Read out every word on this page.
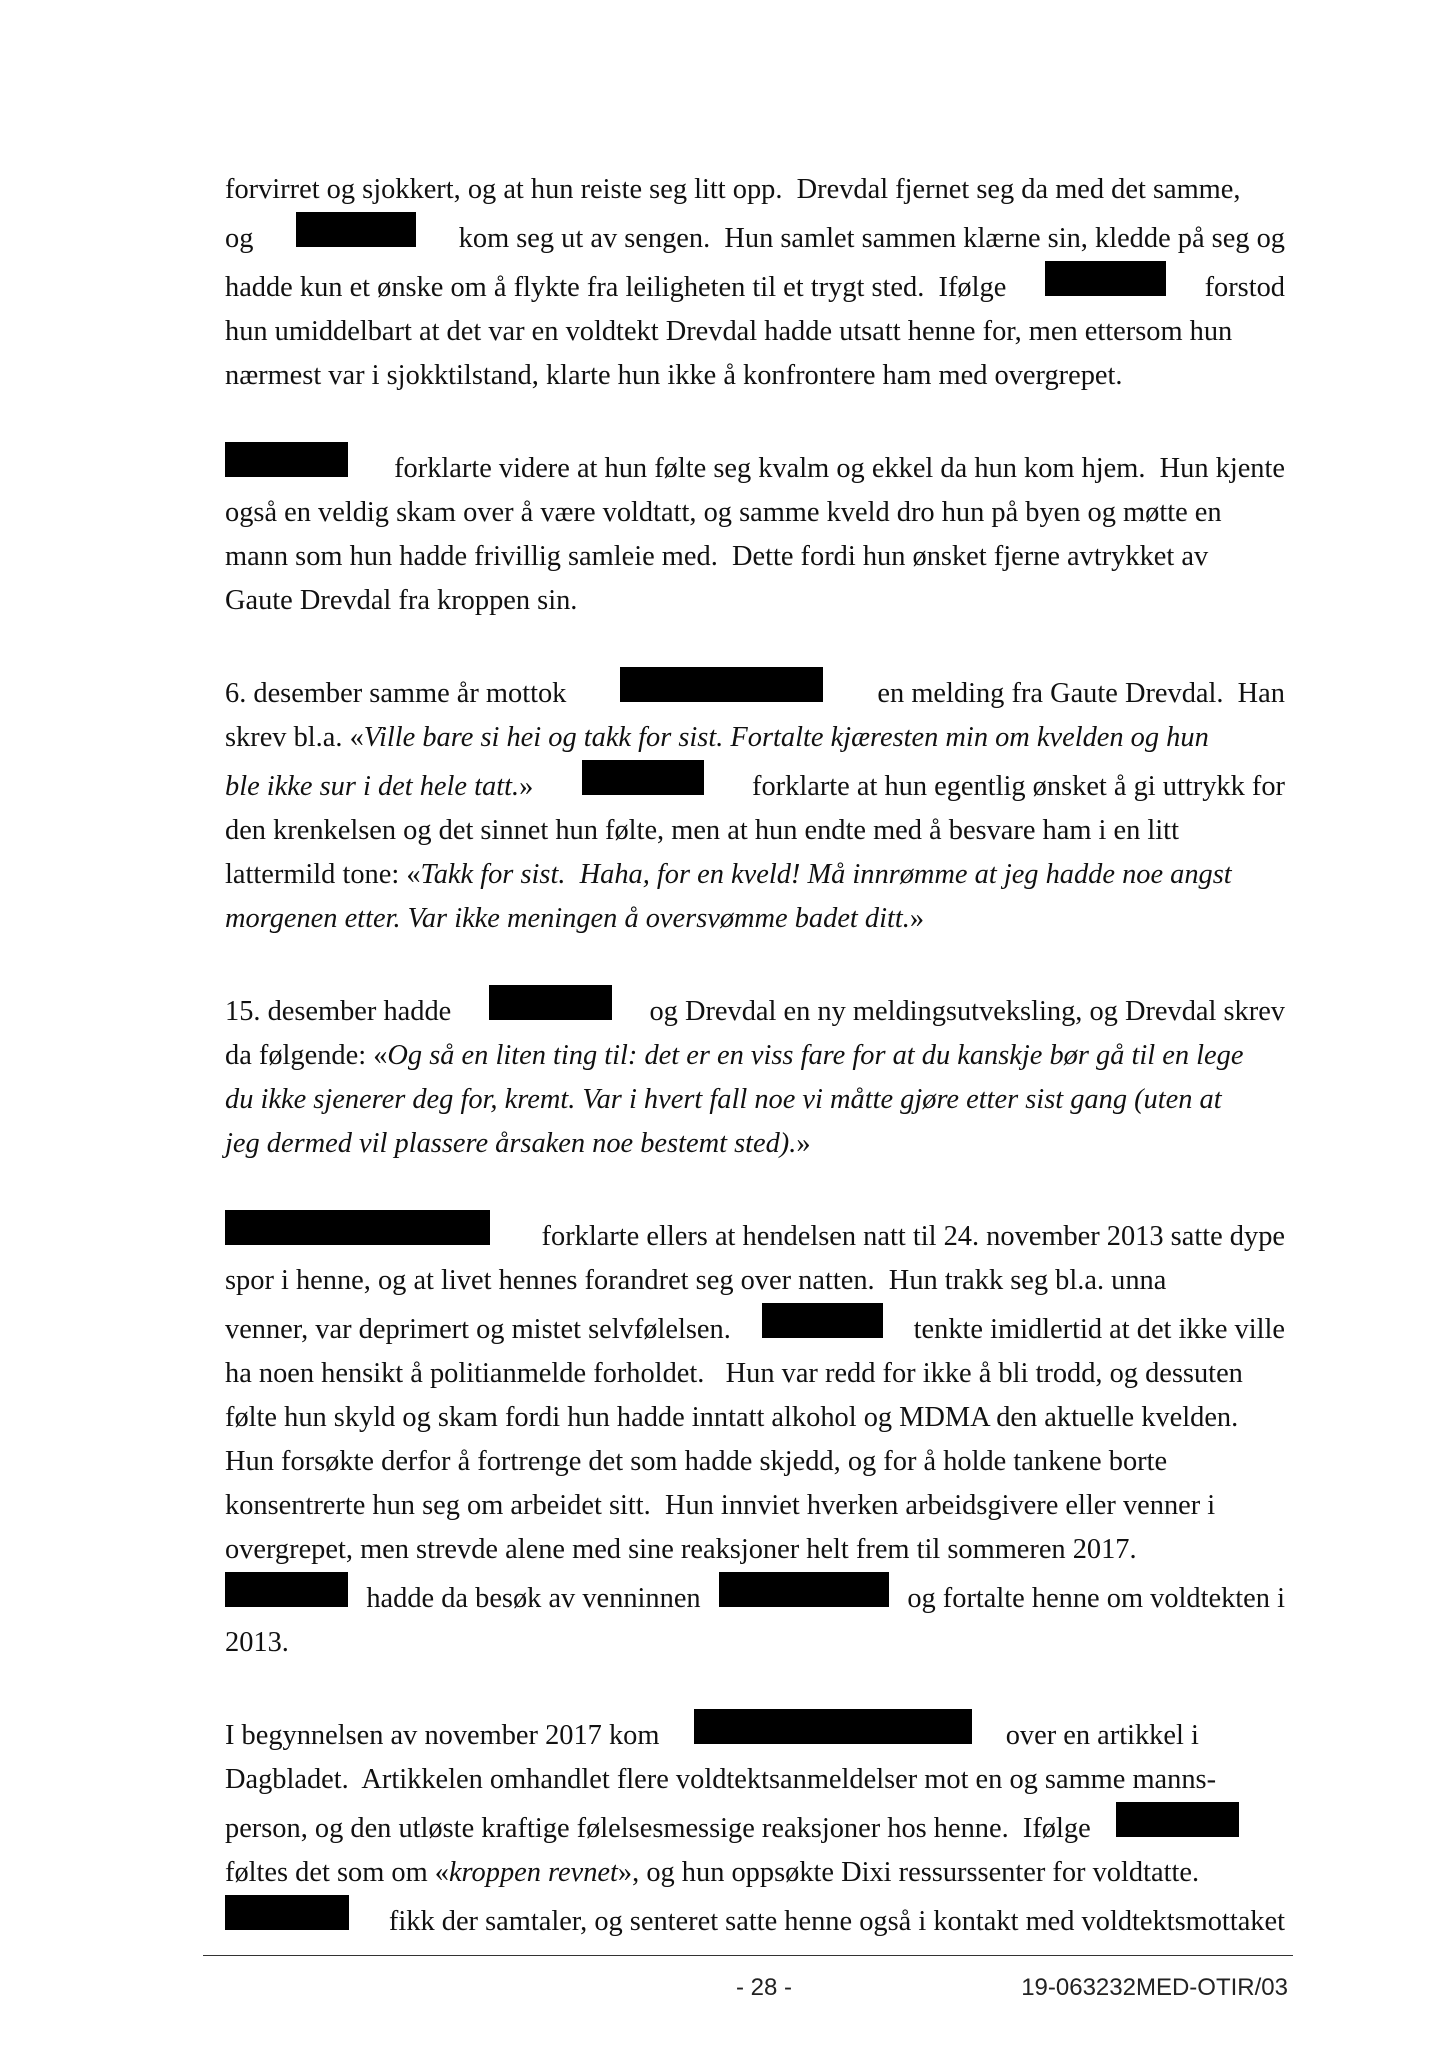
forvirret og sjokkert, og at hun reiste seg litt opp.  Drevdal fjernet seg da med det samme,
og	kom seg ut av sengen.  Hun samlet sammen klærne sin, kledde på seg og
hadde kun et ønske om å flykte fra leiligheten til et trygt sted.  Ifølge	forstod
hun umiddelbart at det var en voldtekt Drevdal hadde utsatt henne for, men ettersom hun
nærmest var i sjokktilstand, klarte hun ikke å konfrontere ham med overgrepet.
forklarte videre at hun følte seg kvalm og ekkel da hun kom hjem.  Hun kjente
også en veldig skam over å være voldtatt, og samme kveld dro hun på byen og møtte en
mann som hun hadde frivillig samleie med.  Dette fordi hun ønsket fjerne avtrykket av
Gaute Drevdal fra kroppen sin.
6. desember samme år mottok	en melding fra Gaute Drevdal.  Han
skrev bl.a. « Ville bare si hei og takk for sist. Fortalte kjæresten min om kvelden og hun
ble ikke sur i det hele tatt.»	forklarte at hun egentlig ønsket å gi uttrykk for
den krenkelsen og det sinnet hun følte, men at hun endte med å besvare ham i en litt
lattermild tone: «Takk for sist.  Haha, for en kveld! Må innrømme at jeg hadde noe angst
morgenen etter. Var ikke meningen å oversvømme badet ditt.»
15. desember hadde	og Drevdal en ny meldingsutveksling, og Drevdal skrev
da følgende: «Og så en liten ting til: det er en viss fare for at du kanskje bør gå til en lege
du ikke sjenerer deg for, kremt. Var i hvert fall noe vi måtte gjøre etter sist gang (uten at
jeg dermed vil plassere årsaken noe bestemt sted).»
forklarte ellers at hendelsen natt til 24. november 2013 satte dype
spor i henne, og at livet hennes forandret seg over natten.  Hun trakk seg bl.a. unna
venner, var deprimert og mistet selvfølelsen.	tenkte imidlertid at det ikke ville
ha noen hensikt å politianmelde forholdet.   Hun var redd for ikke å bli trodd, og dessuten
følte hun skyld og skam fordi hun hadde inntatt alkohol og MDMA den aktuelle kvelden.
Hun forsøkte derfor å fortrenge det som hadde skjedd, og for å holde tankene borte
konsentrerte hun seg om arbeidet sitt.  Hun innviet hverken arbeidsgivere eller venner i
overgrepet, men strevde alene med sine reaksjoner helt frem til sommeren 2017.
hadde da besøk av venninnen	og fortalte henne om voldtekten i
2013.
I begynnelsen av november 2017 kom	over en artikkel i
Dagbladet.  Artikkelen omhandlet flere voldtektsanmeldelser mot en og samme manns-
person, og den utløste kraftige følelsesmessige reaksjoner hos henne.  Ifølge
føltes det som om «kroppen revnet», og hun oppsøkte Dixi ressurssenter for voldtatte.
fikk der samtaler, og senteret satte henne også i kontakt med voldtektsmottaket
- 28 -	19-063232MED-OTIR/03
